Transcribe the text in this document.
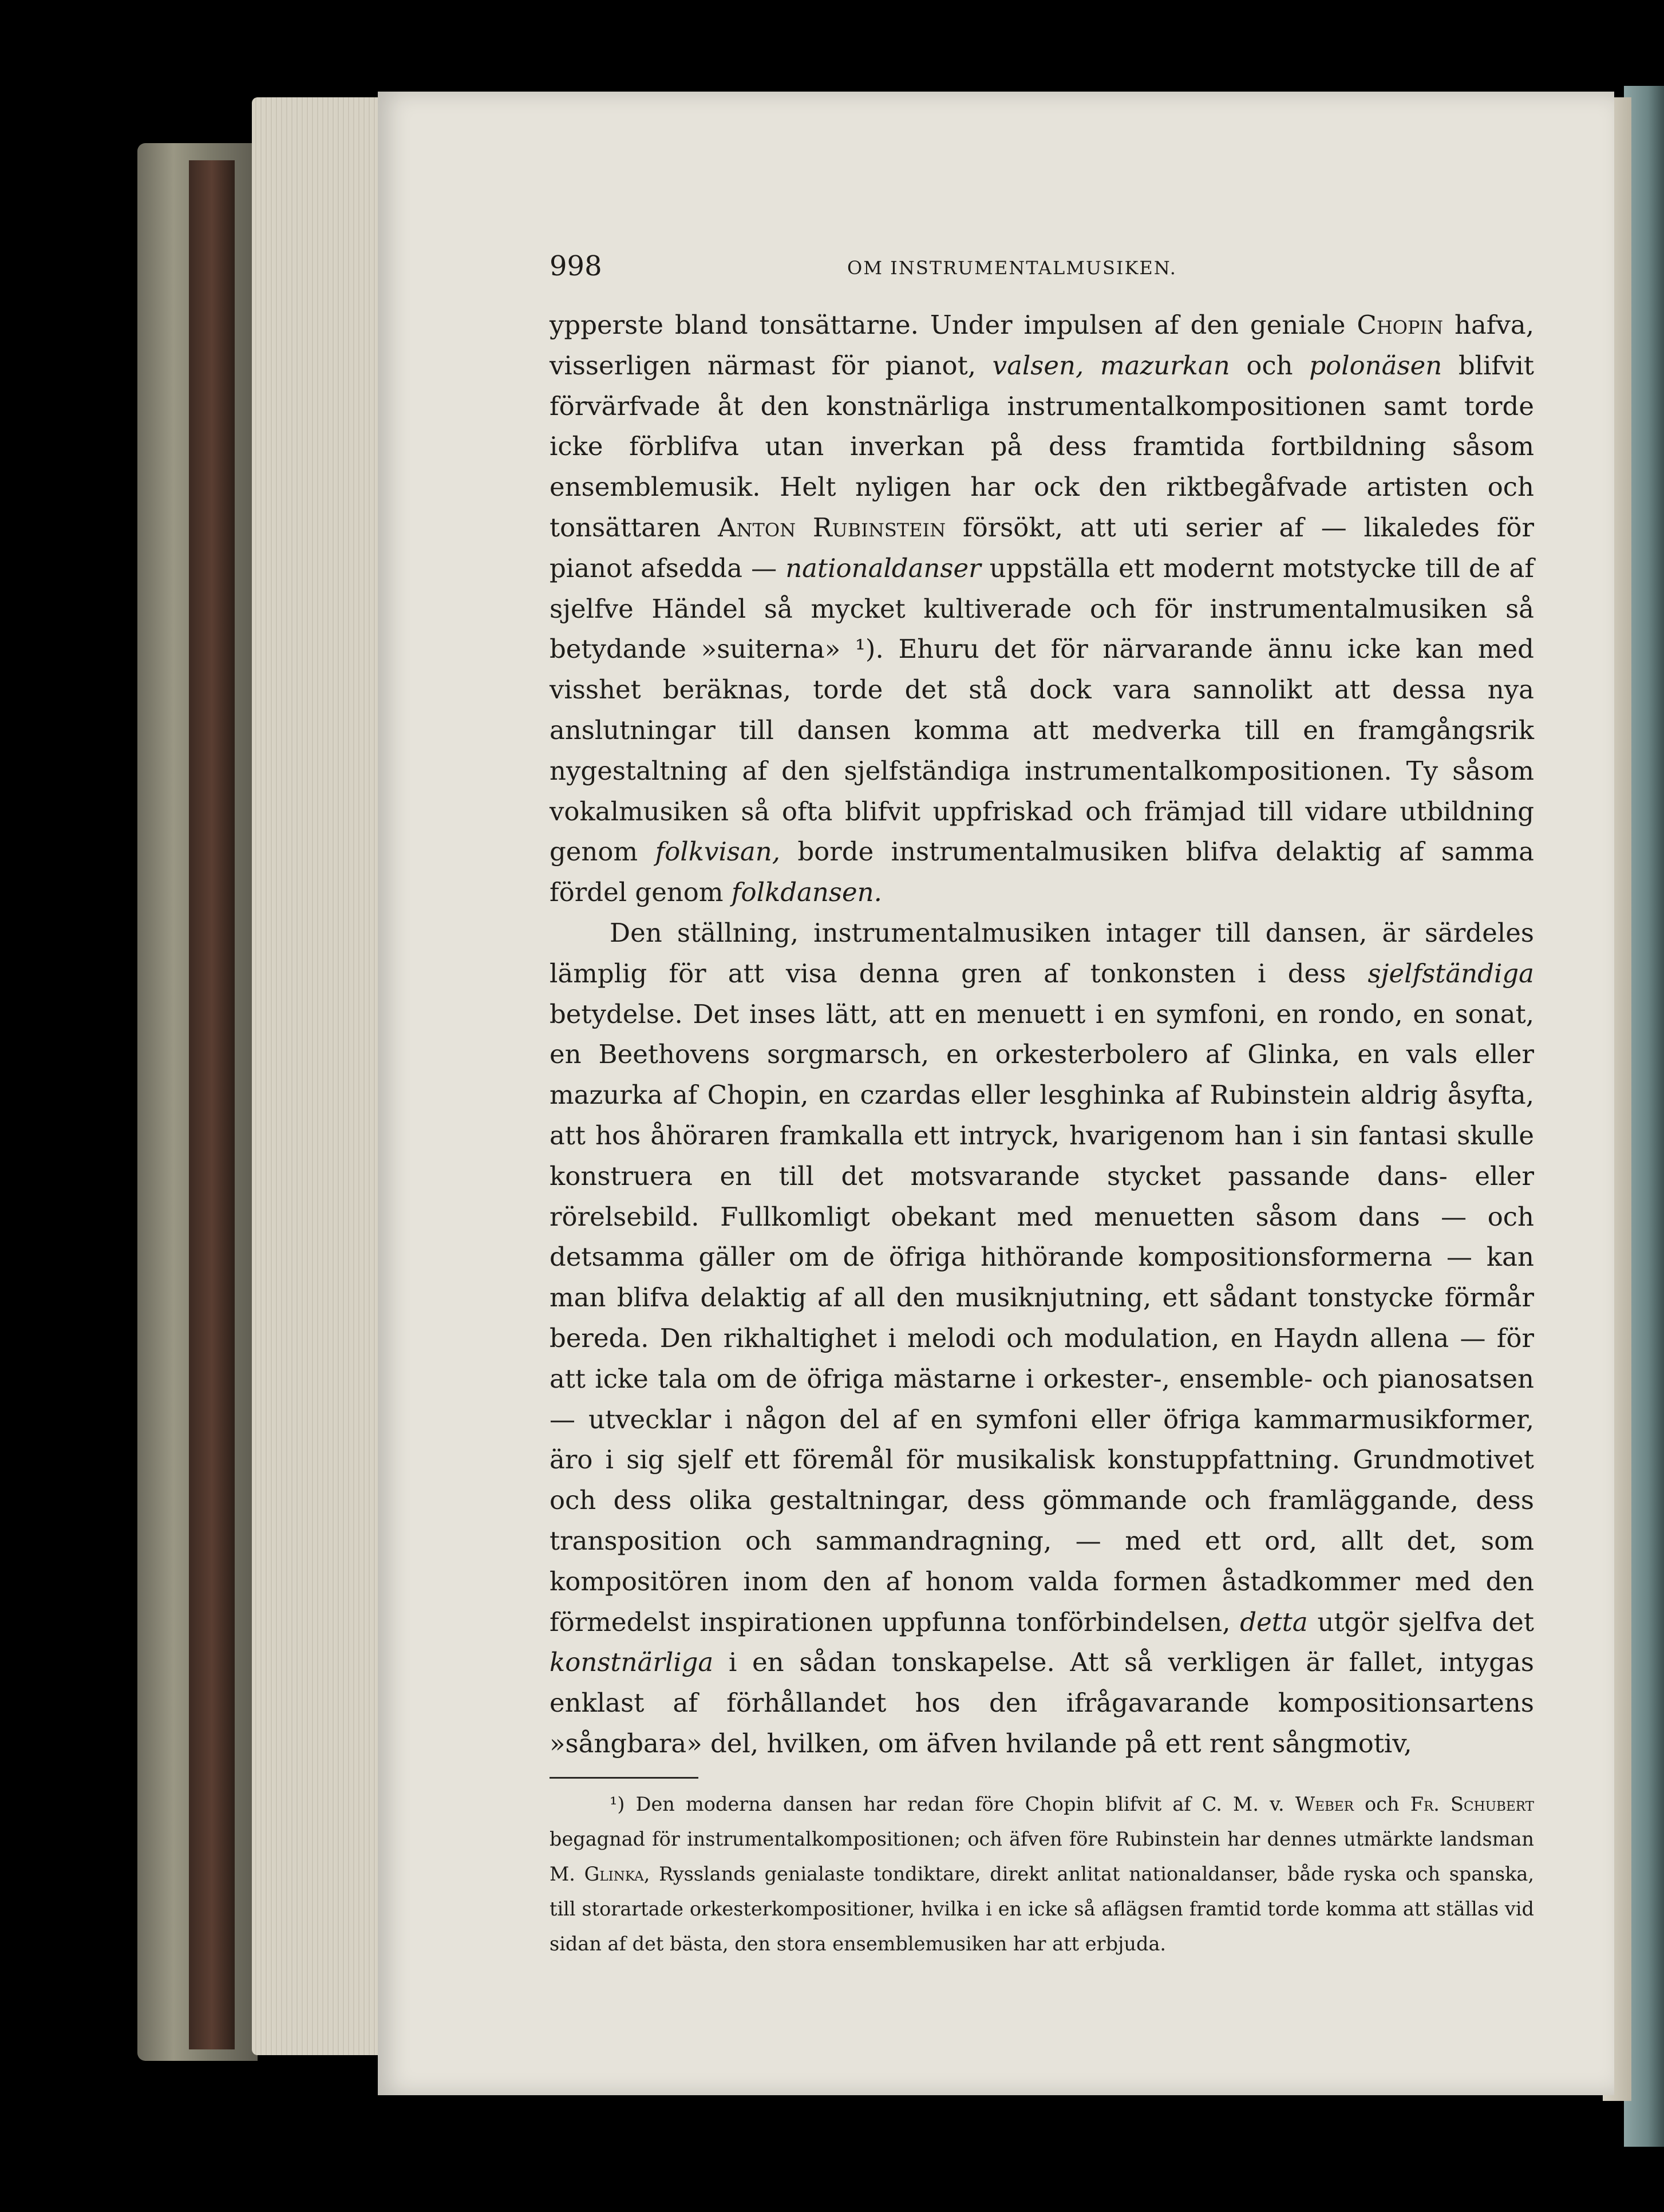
998	OM INSTRUMENTALMUSIKEN.

ypperste bland tonsättarne. Under impulsen af den geniale Chopin hafva, visserligen närmast för pianot, valsen, mazurkan och polonäsen blifvit förvärfvade åt den konstnärliga instrumentalkompositionen samt torde icke förblifva utan inverkan på dess framtida fortbildning såsom ensemblemusik. Helt nyligen har ock den riktbegåfvade artisten och tonsättaren Anton Rubinstein försökt, att uti serier af — likaledes för pianot afsedda — nationaldanser uppställa ett modernt motstycke till de af sjelfve Händel så mycket kultiverade och för instrumentalmusiken så betydande »suiterna» ¹). Ehuru det för närvarande ännu icke kan med visshet beräknas, torde det stå dock vara sannolikt att dessa nya anslutningar till dansen komma att medverka till en framgångsrik nygestaltning af den sjelfständiga instrumentalkompositionen. Ty såsom vokalmusiken så ofta blifvit uppfriskad och främjad till vidare utbildning genom folkvisan, borde instrumentalmusiken blifva delaktig af samma fördel genom folkdansen.

Den ställning, instrumentalmusiken intager till dansen, är särdeles lämplig för att visa denna gren af tonkonsten i dess sjelfständiga betydelse. Det inses lätt, att en menuett i en symfoni, en rondo, en sonat, en Beethovens sorgmarsch, en orkesterbolero af Glinka, en vals eller mazurka af Chopin, en czardas eller lesghinka af Rubinstein aldrig åsyfta, att hos åhöraren framkalla ett intryck, hvarigenom han i sin fantasi skulle konstruera en till det motsvarande stycket passande dans- eller rörelsebild. Fullkomligt obekant med menuetten såsom dans — och detsamma gäller om de öfriga hithörande kompositionsformerna — kan man blifva delaktig af all den musiknjutning, ett sådant tonstycke förmår bereda. Den rikhaltighet i melodi och modulation, en Haydn allena — för att icke tala om de öfriga mästarne i orkester-, ensemble- och pianosatsen — utvecklar i någon del af en symfoni eller öfriga kammarmusikformer, äro i sig sjelf ett föremål för musikalisk konstuppfattning. Grundmotivet och dess olika gestaltningar, dess gömmande och framläggande, dess transposition och sammandragning, — med ett ord, allt det, som kompositören inom den af honom valda formen åstadkommer med den förmedelst inspirationen uppfunna tonförbindelsen, detta utgör sjelfva det konstnärliga i en sådan tonskapelse. Att så verkligen är fallet, intygas enklast af förhållandet hos den ifrågavarande kompositionsartens »sångbara» del, hvilken, om äfven hvilande på ett rent sångmotiv,

¹) Den moderna dansen har redan före Chopin blifvit af C. M. v. Weber och Fr. Schubert begagnad för instrumentalkompositionen; och äfven före Rubinstein har dennes utmärkte landsman M. Glinka, Rysslands genialaste tondiktare, direkt anlitat nationaldanser, både ryska och spanska, till storartade orkesterkompositioner, hvilka i en icke så aflägsen framtid torde komma att ställas vid sidan af det bästa, den stora ensemblemusiken har att erbjuda.
